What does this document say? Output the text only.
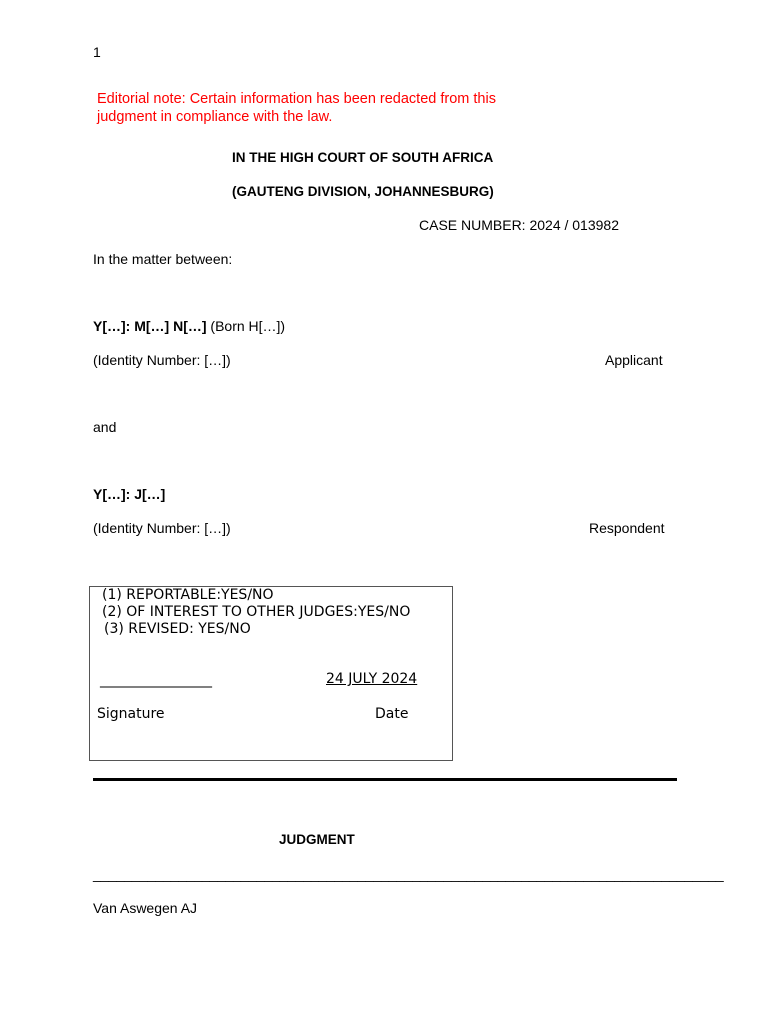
1
Editorial note: Certain information has been redacted from this judgment in compliance with the law.
IN THE HIGH COURT OF SOUTH AFRICA
(GAUTENG DIVISION, JOHANNESBURG)
CASE NUMBER: 2024 / 013982
In the matter between:
Y[…]: M[…] N[…] (Born H[…])
(Identity Number: […])	Applicant
and
Y[…]: J[…]
(Identity Number: […])	Respondent
(1) REPORTABLE:YES/NO
(2) OF INTEREST TO OTHER JUDGES:YES/NO
(3) REVISED: YES/NO
________________	24 JULY 2024
Signature	Date
JUDGMENT
_________________________________________________________________________________
Van Aswegen AJ
